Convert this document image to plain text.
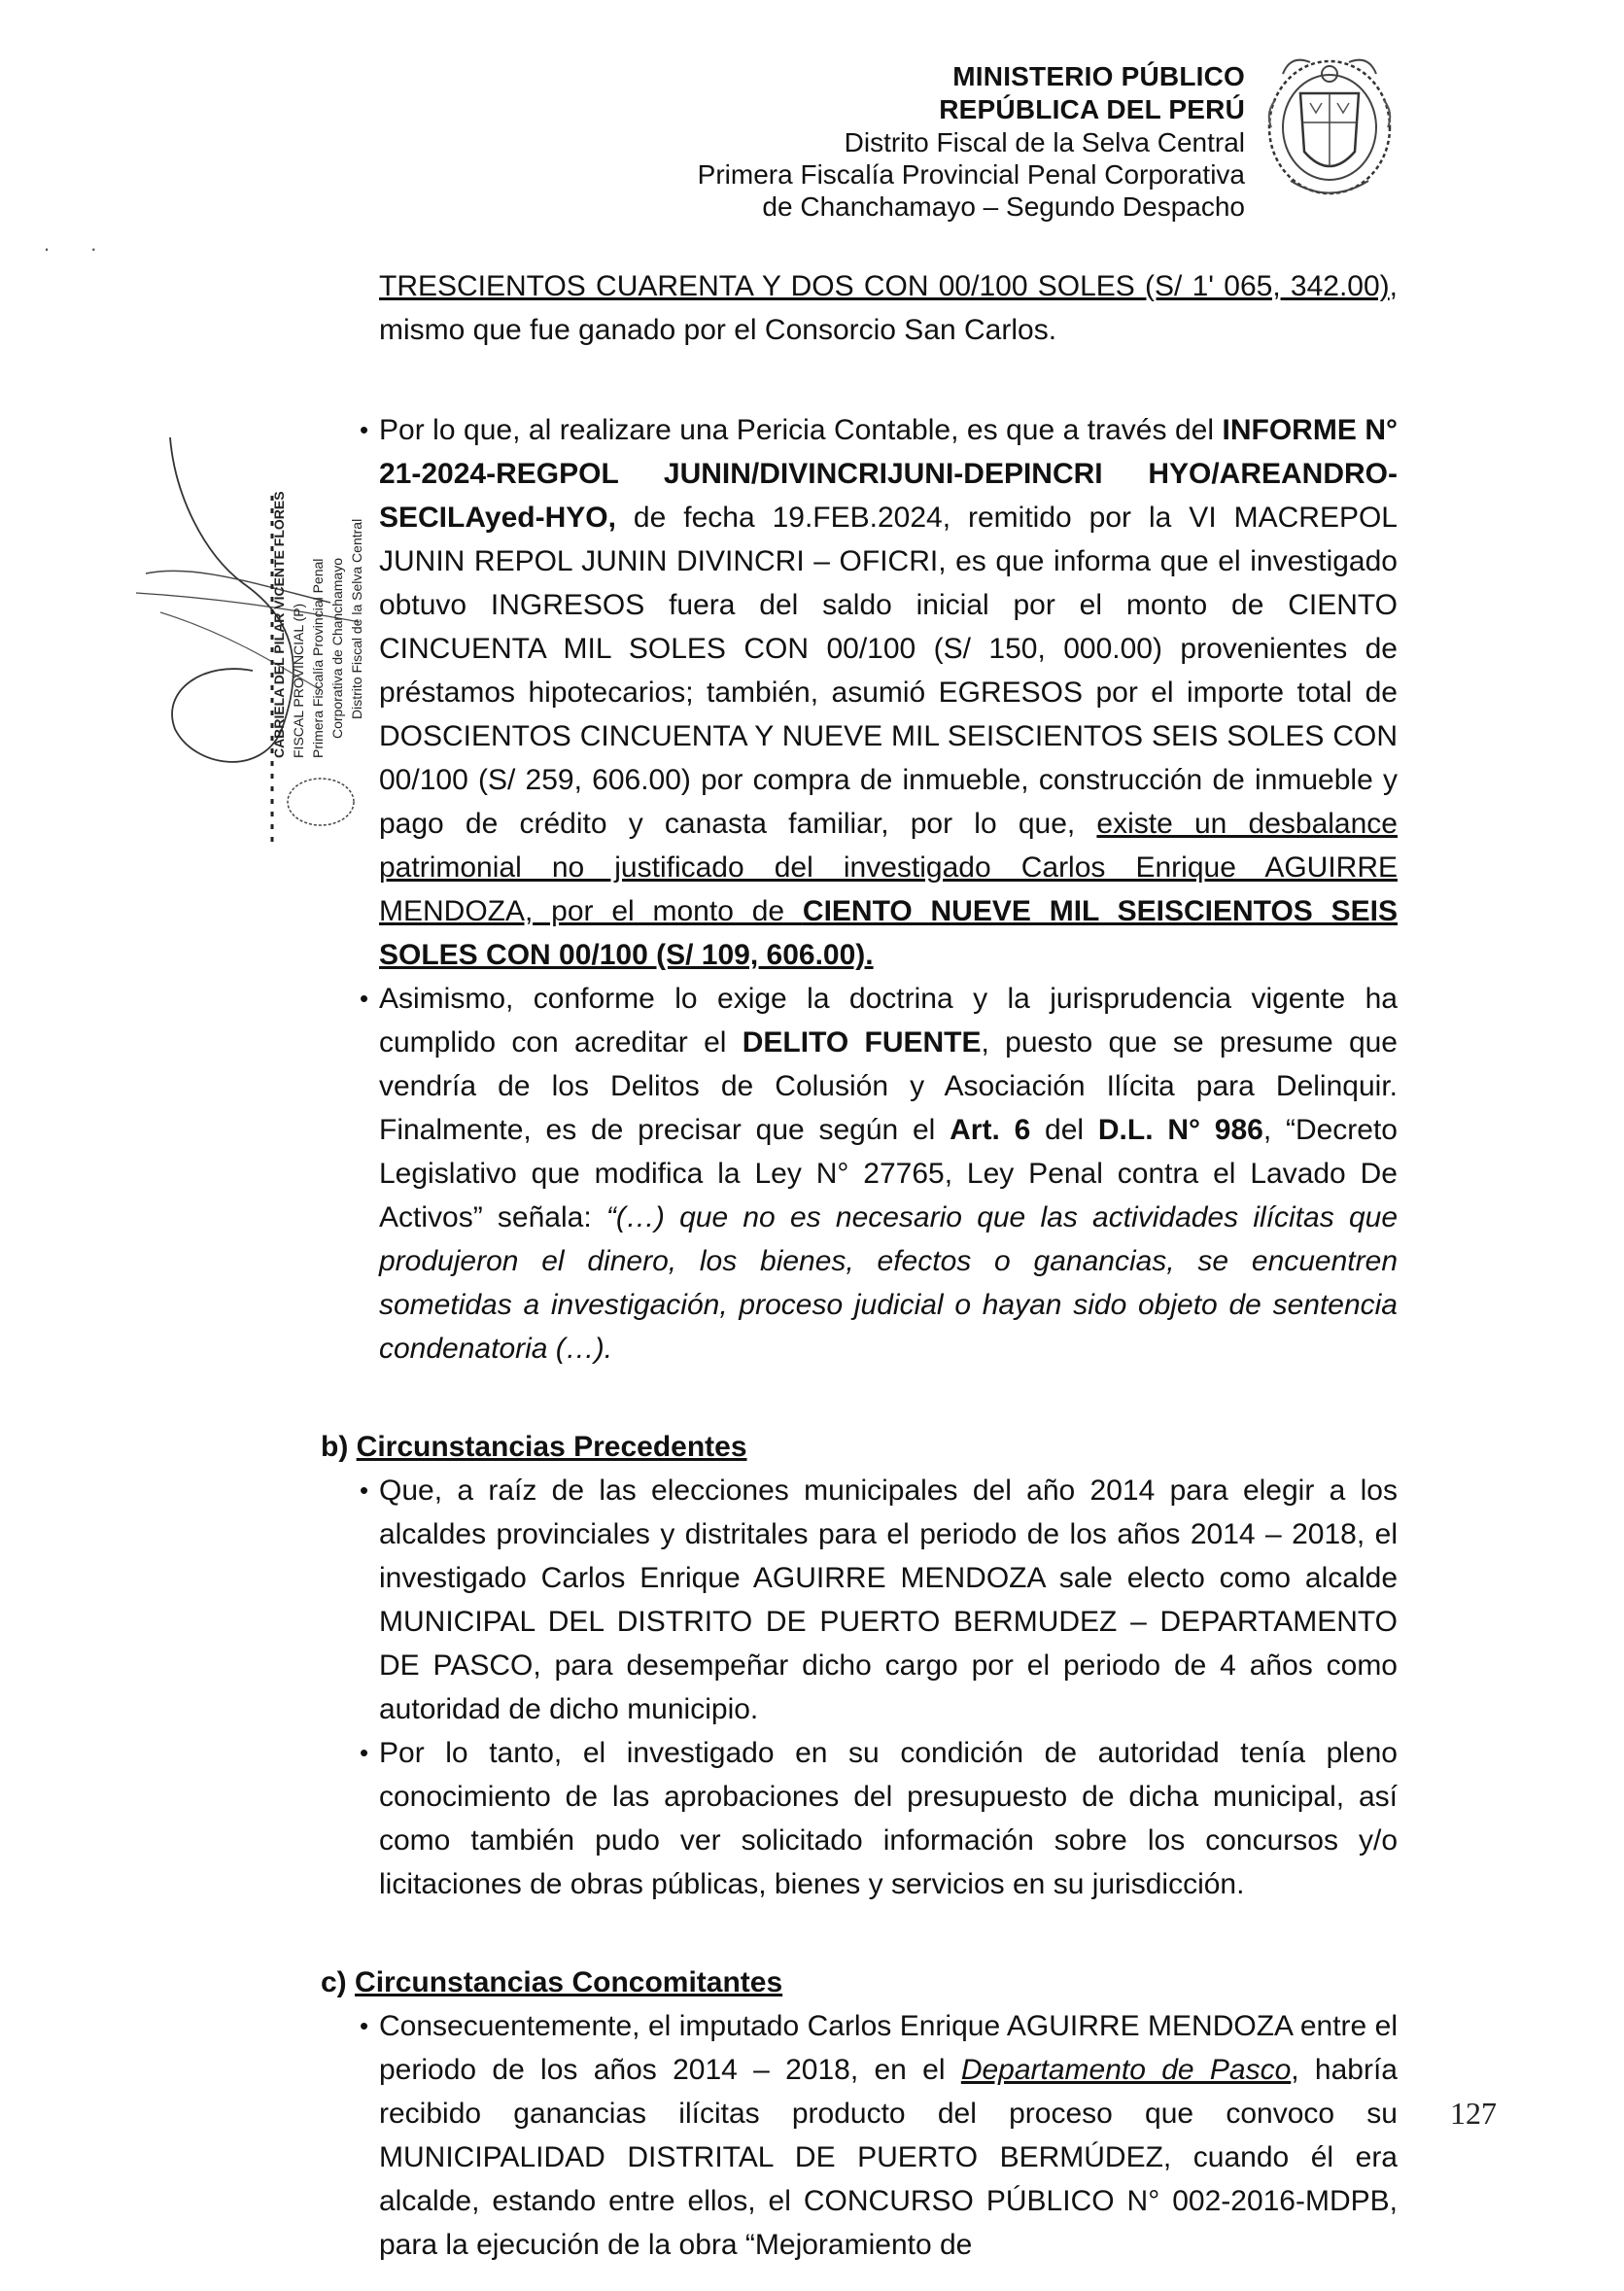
. .
MINISTERIO PÚBLICO
REPÚBLICA DEL PERÚ
Distrito Fiscal de la Selva Central
Primera Fiscalía Provincial Penal Corporativa
de Chanchamayo – Segundo Despacho
CABRIELA DEL PILAR VICENTE FLORES FISCAL PROVINCIAL (P) Primera Fiscalía Provincial Penal Corporativa de Chanchamayo Distrito Fiscal de la Selva Central

TRESCIENTOS CUARENTA Y DOS CON 00/100 SOLES (S/ 1' 065, 342.00), mismo que fue ganado por el Consorcio San Carlos.

• Por lo que, al realizare una Pericia Contable, es que a través del INFORME N° 21-2024-REGPOL JUNIN/DIVINCRIJUNI-DEPINCRI HYO/AREANDRO-SECILAyed-HYO, de fecha 19.FEB.2024, remitido por la VI MACREPOL JUNIN REPOL JUNIN DIVINCRI – OFICRI, es que informa que el investigado obtuvo INGRESOS fuera del saldo inicial por el monto de CIENTO CINCUENTA MIL SOLES CON 00/100 (S/ 150, 000.00) provenientes de préstamos hipotecarios; también, asumió EGRESOS por el importe total de DOSCIENTOS CINCUENTA Y NUEVE MIL SEISCIENTOS SEIS SOLES CON 00/100 (S/ 259, 606.00) por compra de inmueble, construcción de inmueble y pago de crédito y canasta familiar, por lo que, existe un desbalance patrimonial no justificado del investigado Carlos Enrique AGUIRRE MENDOZA, por el monto de CIENTO NUEVE MIL SEISCIENTOS SEIS SOLES CON 00/100 (S/ 109, 606.00).

• Asimismo, conforme lo exige la doctrina y la jurisprudencia vigente ha cumplido con acreditar el DELITO FUENTE, puesto que se presume que vendría de los Delitos de Colusión y Asociación Ilícita para Delinquir. Finalmente, es de precisar que según el Art. 6 del D.L. N° 986, “Decreto Legislativo que modifica la Ley N° 27765, Ley Penal contra el Lavado De Activos” señala: “(…) que no es necesario que las actividades ilícitas que produjeron el dinero, los bienes, efectos o ganancias, se encuentren sometidas a investigación, proceso judicial o hayan sido objeto de sentencia condenatoria (…).

b) Circunstancias Precedentes

• Que, a raíz de las elecciones municipales del año 2014 para elegir a los alcaldes provinciales y distritales para el periodo de los años 2014 – 2018, el investigado Carlos Enrique AGUIRRE MENDOZA sale electo como alcalde MUNICIPAL DEL DISTRITO DE PUERTO BERMUDEZ – DEPARTAMENTO DE PASCO, para desempeñar dicho cargo por el periodo de 4 años como autoridad de dicho municipio.

• Por lo tanto, el investigado en su condición de autoridad tenía pleno conocimiento de las aprobaciones del presupuesto de dicha municipal, así como también pudo ver solicitado información sobre los concursos y/o licitaciones de obras públicas, bienes y servicios en su jurisdicción.

c) Circunstancias Concomitantes

• Consecuentemente, el imputado Carlos Enrique AGUIRRE MENDOZA entre el periodo de los años 2014 – 2018, en el Departamento de Pasco, habría recibido ganancias ilícitas producto del proceso que convoco su MUNICIPALIDAD DISTRITAL DE PUERTO BERMÚDEZ, cuando él era alcalde, estando entre ellos, el CONCURSO PÚBLICO N° 002-2016-MDPB, para la ejecución de la obra “Mejoramiento de

127
